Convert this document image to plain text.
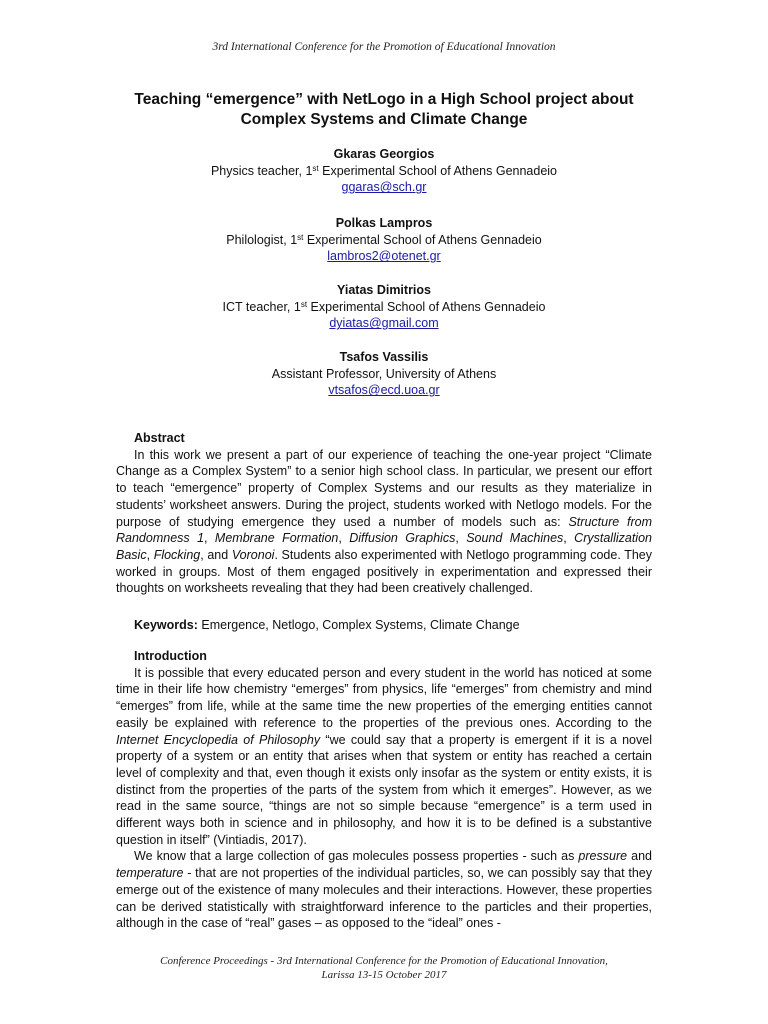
3rd International Conference for the Promotion of Educational Innovation
Teaching “emergence” with NetLogo in a High School project about
Complex Systems and Climate Change
Gkaras Georgios
Physics teacher, 1st Experimental School of Athens Gennadeio
ggaras@sch.gr
Polkas Lampros
Philologist, 1st Experimental School of Athens Gennadeio
lambros2@otenet.gr
Yiatas Dimitrios
ICT teacher, 1st Experimental School of Athens Gennadeio
dyiatas@gmail.com
Tsafos Vassilis
Assistant Professor, University of Athens
vtsafos@ecd.uoa.gr
Abstract

In this work we present a part of our experience of teaching the one-year project “Climate Change as a Complex System” to a senior high school class. In particular, we present our effort to teach “emergence” property of Complex Systems and our results as they materialize in students’ worksheet answers. During the project, students worked with Netlogo models. For the purpose of studying emergence they used a number of models such as: Structure from Randomness 1, Membrane Formation, Diffusion Graphics, Sound Machines, Crystallization Basic, Flocking, and Voronoi. Students also experimented with Netlogo programming code. They worked in groups. Most of them engaged positively in experimentation and expressed their thoughts on worksheets revealing that they had been creatively challenged.

Keywords: Emergence, Netlogo, Complex Systems, Climate Change
Introduction

It is possible that every educated person and every student in the world has noticed at some time in their life how chemistry “emerges” from physics, life “emerges” from chemistry and mind “emerges” from life, while at the same time the new properties of the emerging entities cannot easily be explained with reference to the properties of the previous ones. According to the Internet Encyclopedia of Philosophy “we could say that a property is emergent if it is a novel property of a system or an entity that arises when that system or entity has reached a certain level of complexity and that, even though it exists only insofar as the system or entity exists, it is distinct from the properties of the parts of the system from which it emerges”. However, as we read in the same source, “things are not so simple because “emergence” is a term used in different ways both in science and in philosophy, and how it is to be defined is a substantive question in itself” (Vintiadis, 2017).

We know that a large collection of gas molecules possess properties - such as pressure and temperature - that are not properties of the individual particles, so, we can possibly say that they emerge out of the existence of many molecules and their interactions. However, these properties can be derived statistically with straightforward inference to the particles and their properties, although in the case of “real” gases – as opposed to the “ideal” ones -

Conference Proceedings - 3rd International Conference for the Promotion of Educational Innovation,
Larissa 13-15 October 2017
